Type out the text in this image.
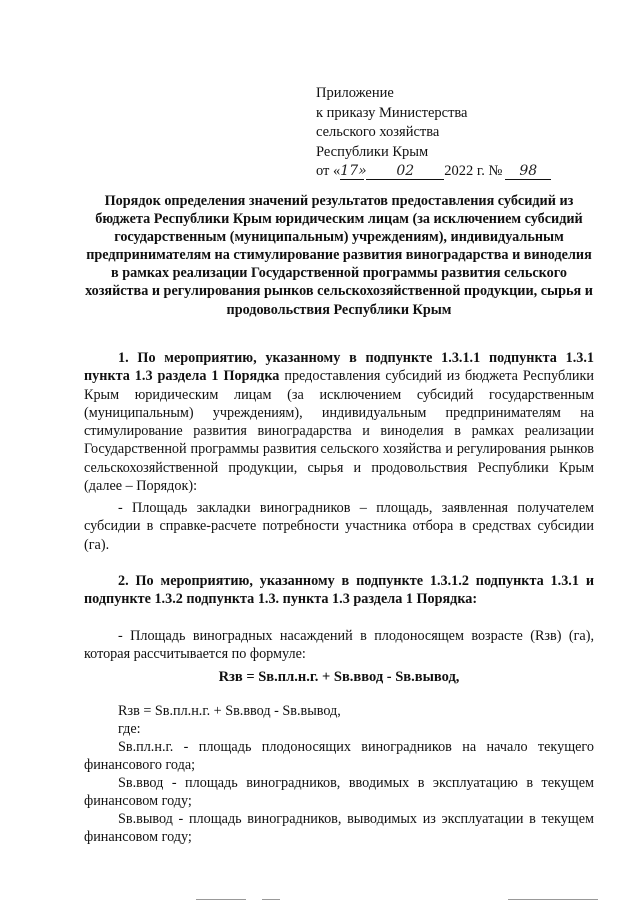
Приложение
к приказу Министерства
сельского хозяйства
Республики Крым
от «17» 02 2022 г. № 98
Порядок определения значений результатов предоставления субсидий из бюджета Республики Крым юридическим лицам (за исключением субсидий государственным (муниципальным) учреждениям), индивидуальным предпринимателям на стимулирование развития виноградарства и виноделия в рамках реализации Государственной программы развития сельского хозяйства и регулирования рынков сельскохозяйственной продукции, сырья и продовольствия Республики Крым
1. По мероприятию, указанному в подпункте 1.3.1.1 подпункта 1.3.1 пункта 1.3 раздела 1 Порядка предоставления субсидий из бюджета Республики Крым юридическим лицам (за исключением субсидий государственным (муниципальным) учреждениям), индивидуальным предпринимателям на стимулирование развития виноградарства и виноделия в рамках реализации Государственной программы развития сельского хозяйства и регулирования рынков сельскохозяйственной продукции, сырья и продовольствия Республики Крым (далее – Порядок):
- Площадь закладки виноградников – площадь, заявленная получателем субсидии в справке-расчете потребности участника отбора в средствах субсидии (га).
2. По мероприятию, указанному в подпункте 1.3.1.2 подпункта 1.3.1 и подпункте 1.3.2 подпункта 1.3. пункта 1.3 раздела 1 Порядка:
- Площадь виноградных насаждений в плодоносящем возрасте (Rзв) (га), которая рассчитывается по формуле:
Rзв = Sв.пл.н.г. + Sв.ввод - Sв.вывод,
Rзв = Sв.пл.н.г. + Sв.ввод - Sв.вывод,
где:
Sв.пл.н.г. - площадь плодоносящих виноградников на начало текущего финансового года;
Sв.ввод - площадь виноградников, вводимых в эксплуатацию в текущем финансовом году;
Sв.вывод - площадь виноградников, выводимых из эксплуатации в текущем финансовом году;
